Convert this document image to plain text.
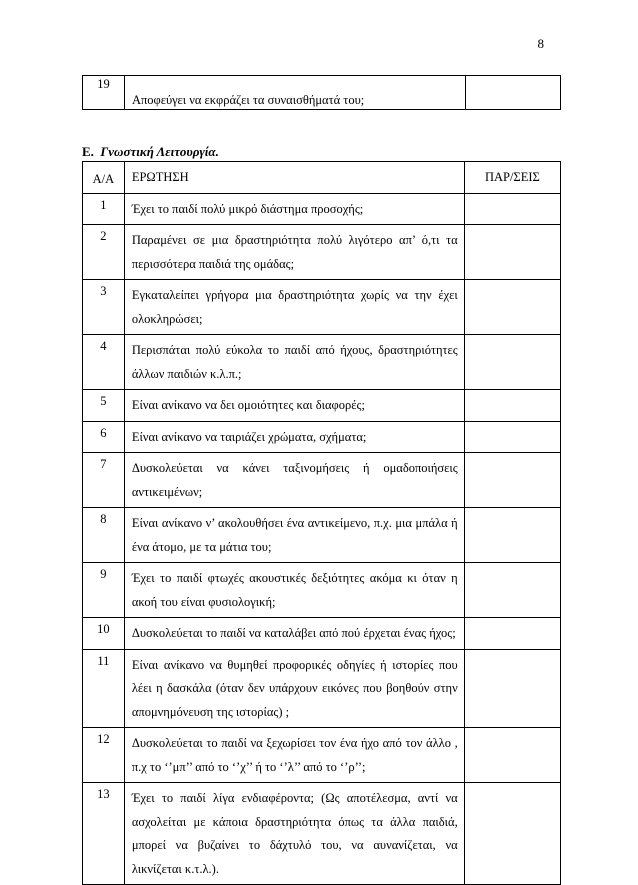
8
19	Αποφεύγει να εκφράζει τα συναισθήματά του;	
Ε. Γνωστική Λειτουργία.
Α/Α	ΕΡΩΤΗΣΗ	ΠΑΡ/ΣΕΙΣ
1	Έχει το παιδί πολύ μικρό διάστημα προσοχής;	
2	Παραμένει σε μια δραστηριότητα πολύ λιγότερο απ’ ό,τι τα περισσότερα παιδιά της ομάδας;	
3	Εγκαταλείπει γρήγορα μια δραστηριότητα χωρίς να την έχει ολοκληρώσει;	
4	Περισπάται πολύ εύκολα το παιδί από ήχους, δραστηριότητες άλλων παιδιών κ.λ.π.;	
5	Είναι ανίκανο να δει ομοιότητες και διαφορές;	
6	Είναι ανίκανο να ταιριάζει χρώματα, σχήματα;	
7	Δυσκολεύεται να κάνει ταξινομήσεις ή ομαδοποιήσεις αντικειμένων;	
8	Είναι ανίκανο ν’ ακολουθήσει ένα αντικείμενο, π.χ. μια μπάλα ή ένα άτομο, με τα μάτια του;	
9	Έχει το παιδί φτωχές ακουστικές δεξιότητες ακόμα κι όταν η ακοή του είναι φυσιολογική;	
10	Δυσκολεύεται το παιδί να καταλάβει από πού έρχεται ένας ήχος;	
11	Είναι ανίκανο να θυμηθεί προφορικές οδηγίες ή ιστορίες που λέει η δασκάλα (όταν δεν υπάρχουν εικόνες που βοηθούν στην απομνημόνευση της ιστορίας) ;	
12	Δυσκολεύεται το παιδί να ξεχωρίσει τον ένα ήχο από τον άλλο , π.χ το ‘’μπ’’ από το ‘’χ’’ ή το ‘’λ’’ από το ‘’ρ’’;	
13	Έχει το παιδί λίγα ενδιαφέροντα; (Ως αποτέλεσμα, αντί να ασχολείται με κάποια δραστηριότητα όπως τα άλλα παιδιά, μπορεί να βυζαίνει το δάχτυλό του, να αυνανίζεται, να λικνίζεται κ.τ.λ.).	
